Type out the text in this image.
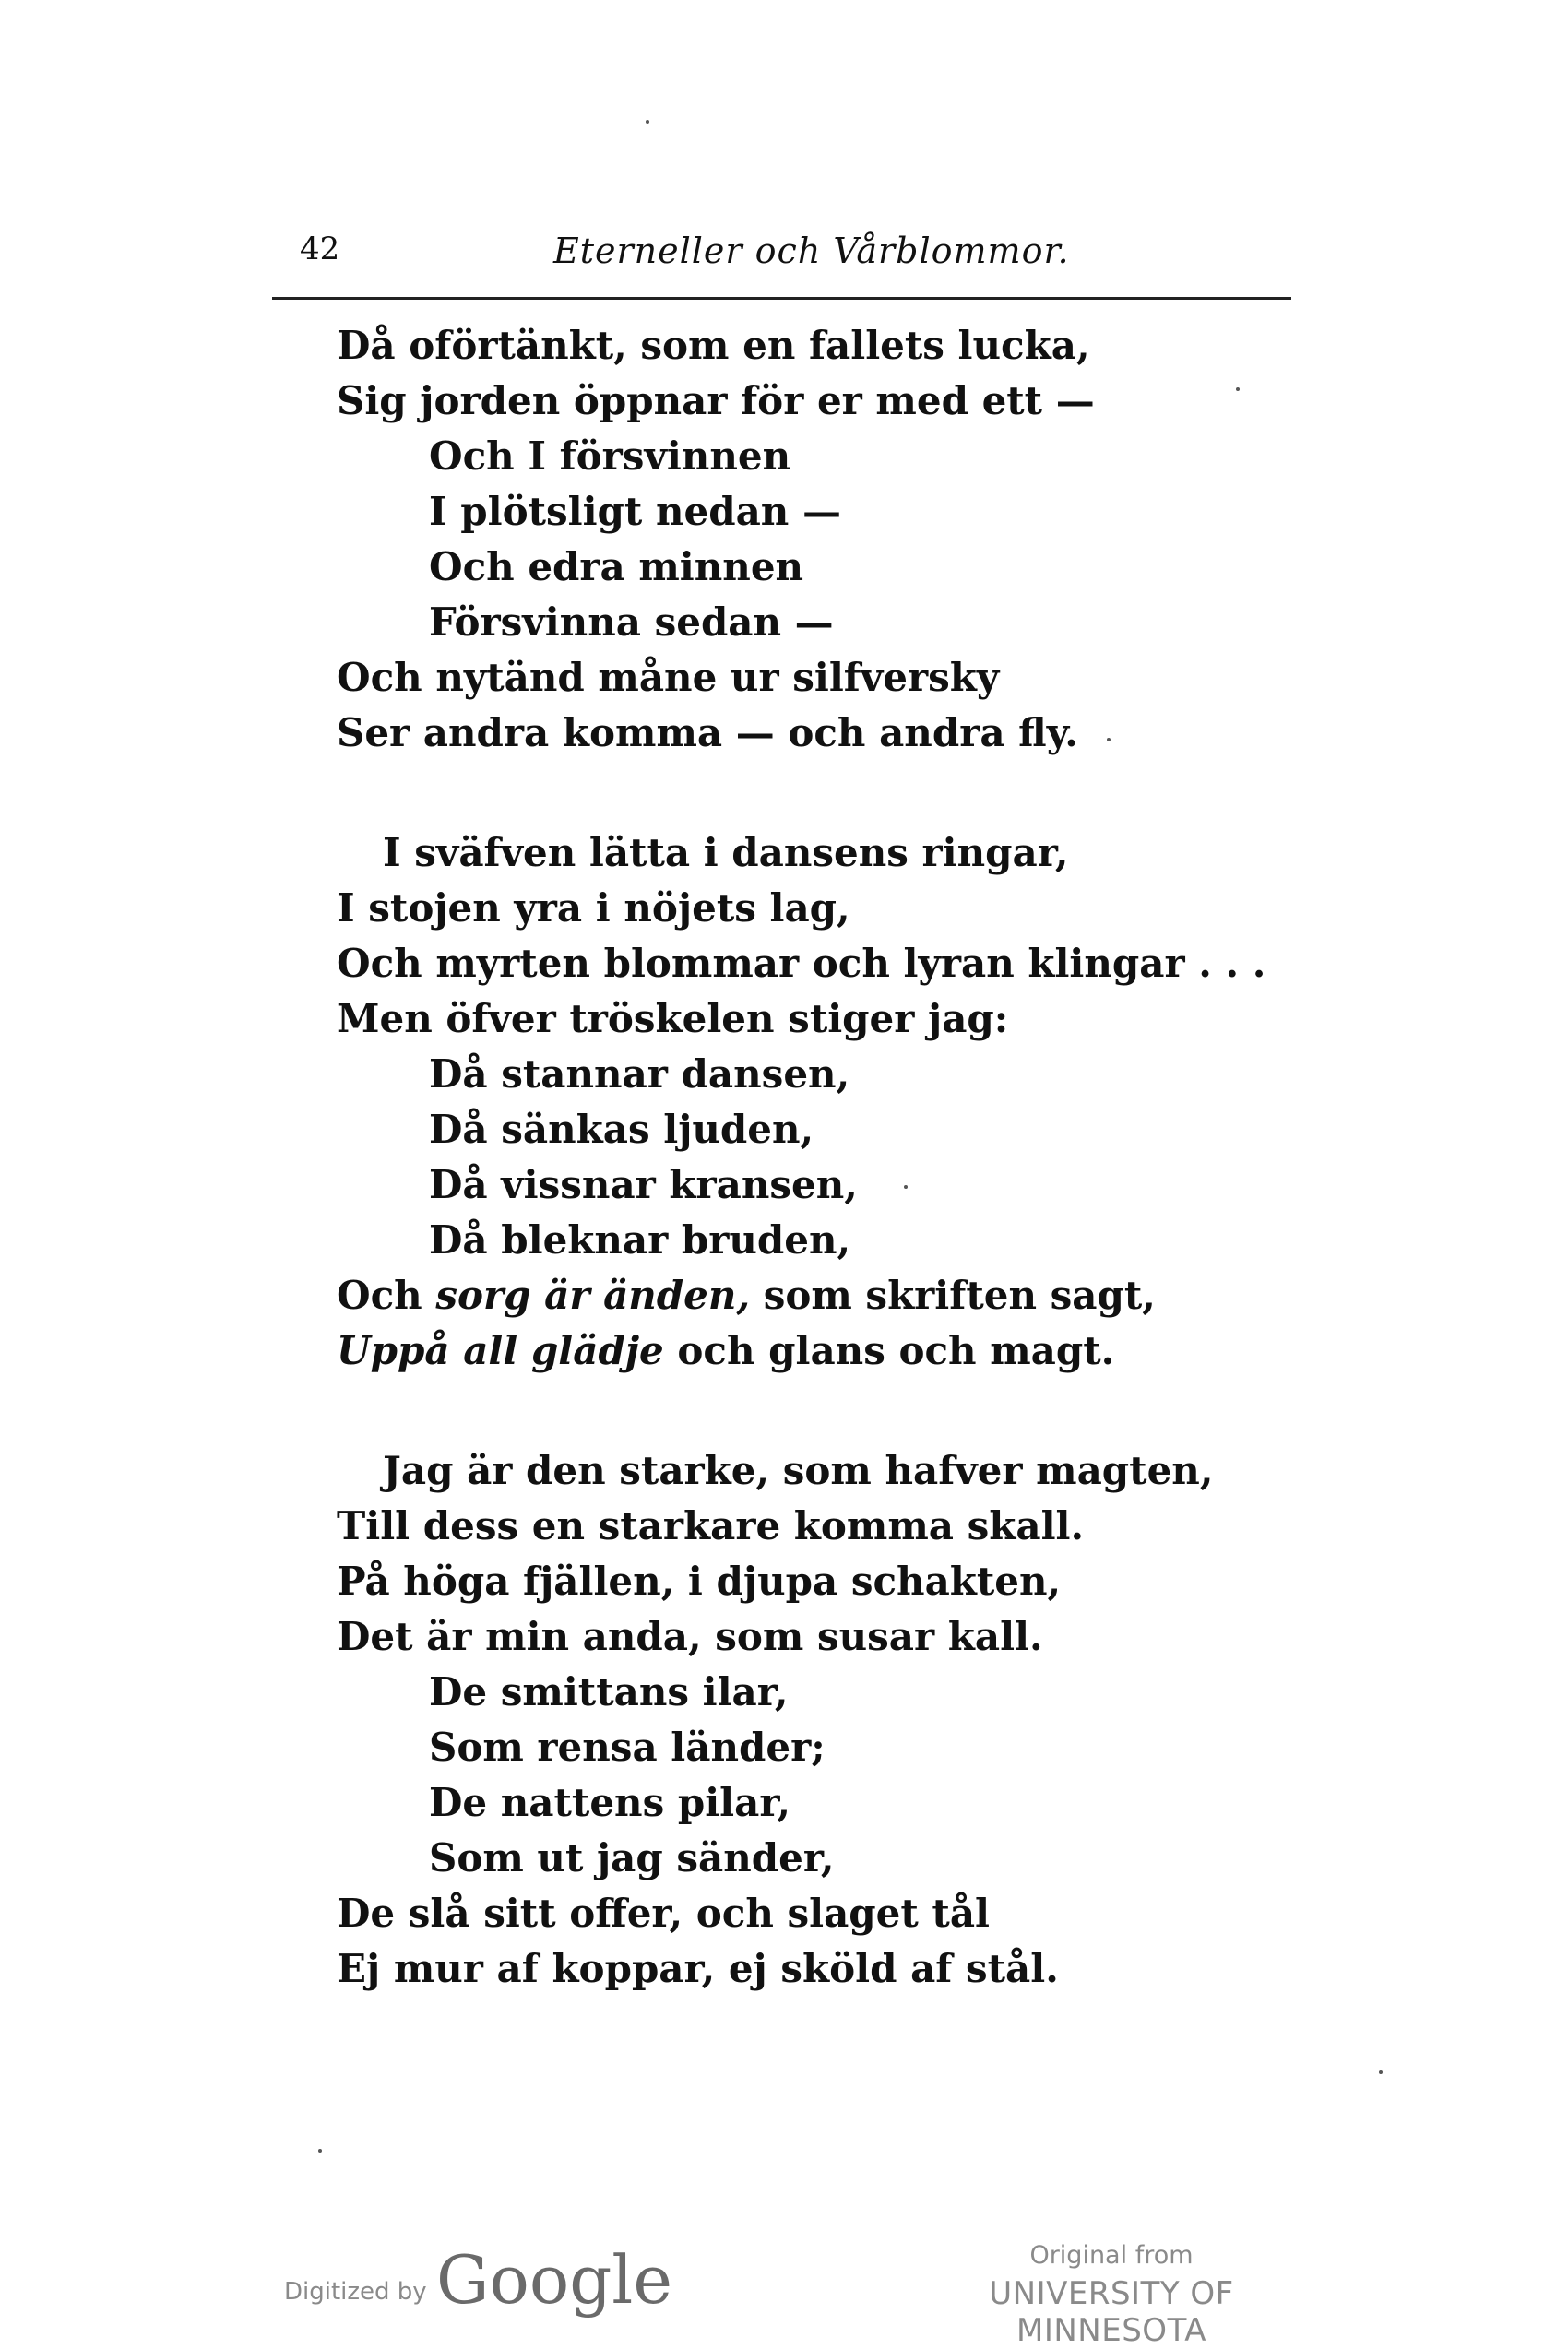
42	Eterneller och Vårblommor.
Då oförtänkt, som en fallets lucka,
Sig jorden öppnar för er med ett —
Och I försvinnen
I plötsligt nedan —
Och edra minnen
Försvinna sedan —
Och nytänd måne ur silfversky
Ser andra komma — och andra fly.
I sväfven lätta i dansens ringar,
I stojen yra i nöjets lag,
Och myrten blommar och lyran klingar . . .
Men öfver tröskelen stiger jag:
Då stannar dansen,
Då sänkas ljuden,
Då vissnar kransen,
Då bleknar bruden,
Och sorg är änden, som skriften sagt,
Uppå all glädje och glans och magt.
Jag är den starke, som hafver magten,
Till dess en starkare komma skall.
På höga fjällen, i djupa schakten,
Det är min anda, som susar kall.
De smittans ilar,
Som rensa länder;
De nattens pilar,
Som ut jag sänder,
De slå sitt offer, och slaget tål
Ej mur af koppar, ej sköld af stål.
Digitized by Google	Original from
UNIVERSITY OF MINNESOTA
